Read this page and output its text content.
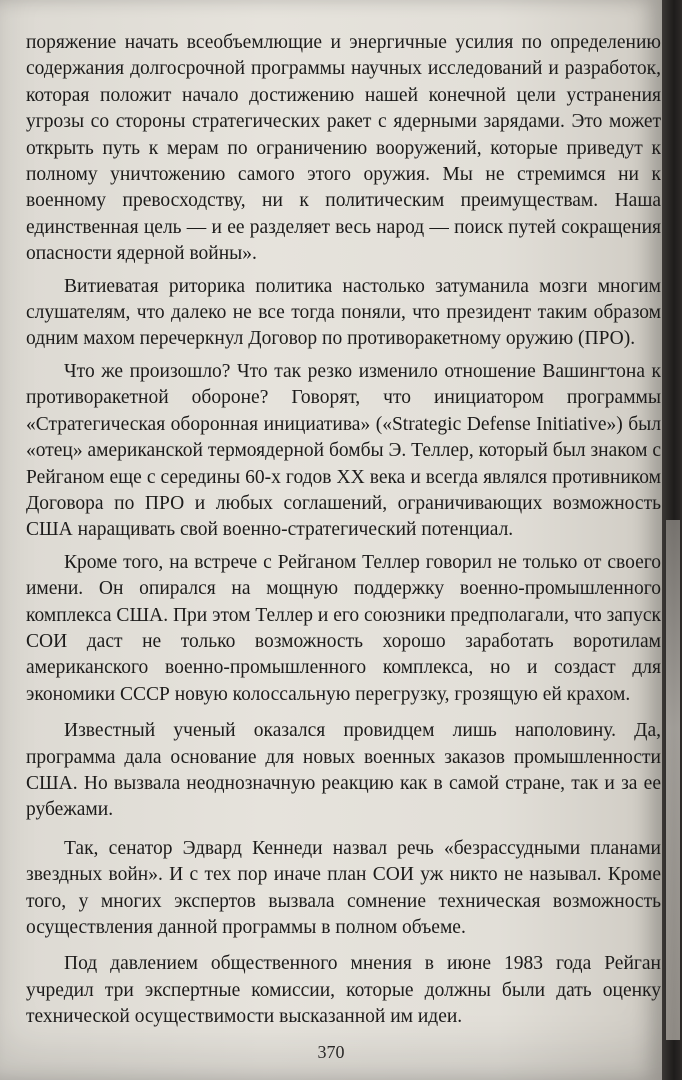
поряжение начать всеобъемлющие и энергичные усилия по определению содержания долгосрочной программы научных исследований и разработок, которая положит начало достижению нашей конечной цели устранения угрозы со стороны стратегических ракет с ядерными зарядами. Это может открыть путь к мерам по ограничению вооружений, которые приведут к полному уничтожению самого этого оружия. Мы не стремимся ни к военному превосходству, ни к политическим преимуществам. Наша единственная цель — и ее разделяет весь народ — поиск путей сокращения опасности ядерной войны».

Витиеватая риторика политика настолько затуманила мозги многим слушателям, что далеко не все тогда поняли, что президент таким образом одним махом перечеркнул Договор по противоракетному оружию (ПРО).

Что же произошло? Что так резко изменило отношение Вашингтона к противоракетной обороне? Говорят, что инициатором программы «Стратегическая оборонная инициатива» («Strategic Defense Initiative») был «отец» американской термоядерной бомбы Э. Теллер, который был знаком с Рейганом еще с середины 60-х годов XX века и всегда являлся противником Договора по ПРО и любых соглашений, ограничивающих возможность США наращивать свой военно-стратегический потенциал.

Кроме того, на встрече с Рейганом Теллер говорил не только от своего имени. Он опирался на мощную поддержку военно-промышленного комплекса США. При этом Теллер и его союзники предполагали, что запуск СОИ даст не только возможность хорошо заработать воротилам американского военно-промышленного комплекса, но и создаст для экономики СССР новую колоссальную перегрузку, грозящую ей крахом.

Известный ученый оказался провидцем лишь наполовину. Да, программа дала основание для новых военных заказов промышленности США. Но вызвала неоднозначную реакцию как в самой стране, так и за ее рубежами.

Так, сенатор Эдвард Кеннеди назвал речь «безрассудными планами звездных войн». И с тех пор иначе план СОИ уж никто не называл. Кроме того, у многих экспертов вызвала сомнение техническая возможность осуществления данной программы в полном объеме.

Под давлением общественного мнения в июне 1983 года Рейган учредил три экспертные комиссии, которые должны были дать оценку технической осуществимости высказанной им идеи.

370
